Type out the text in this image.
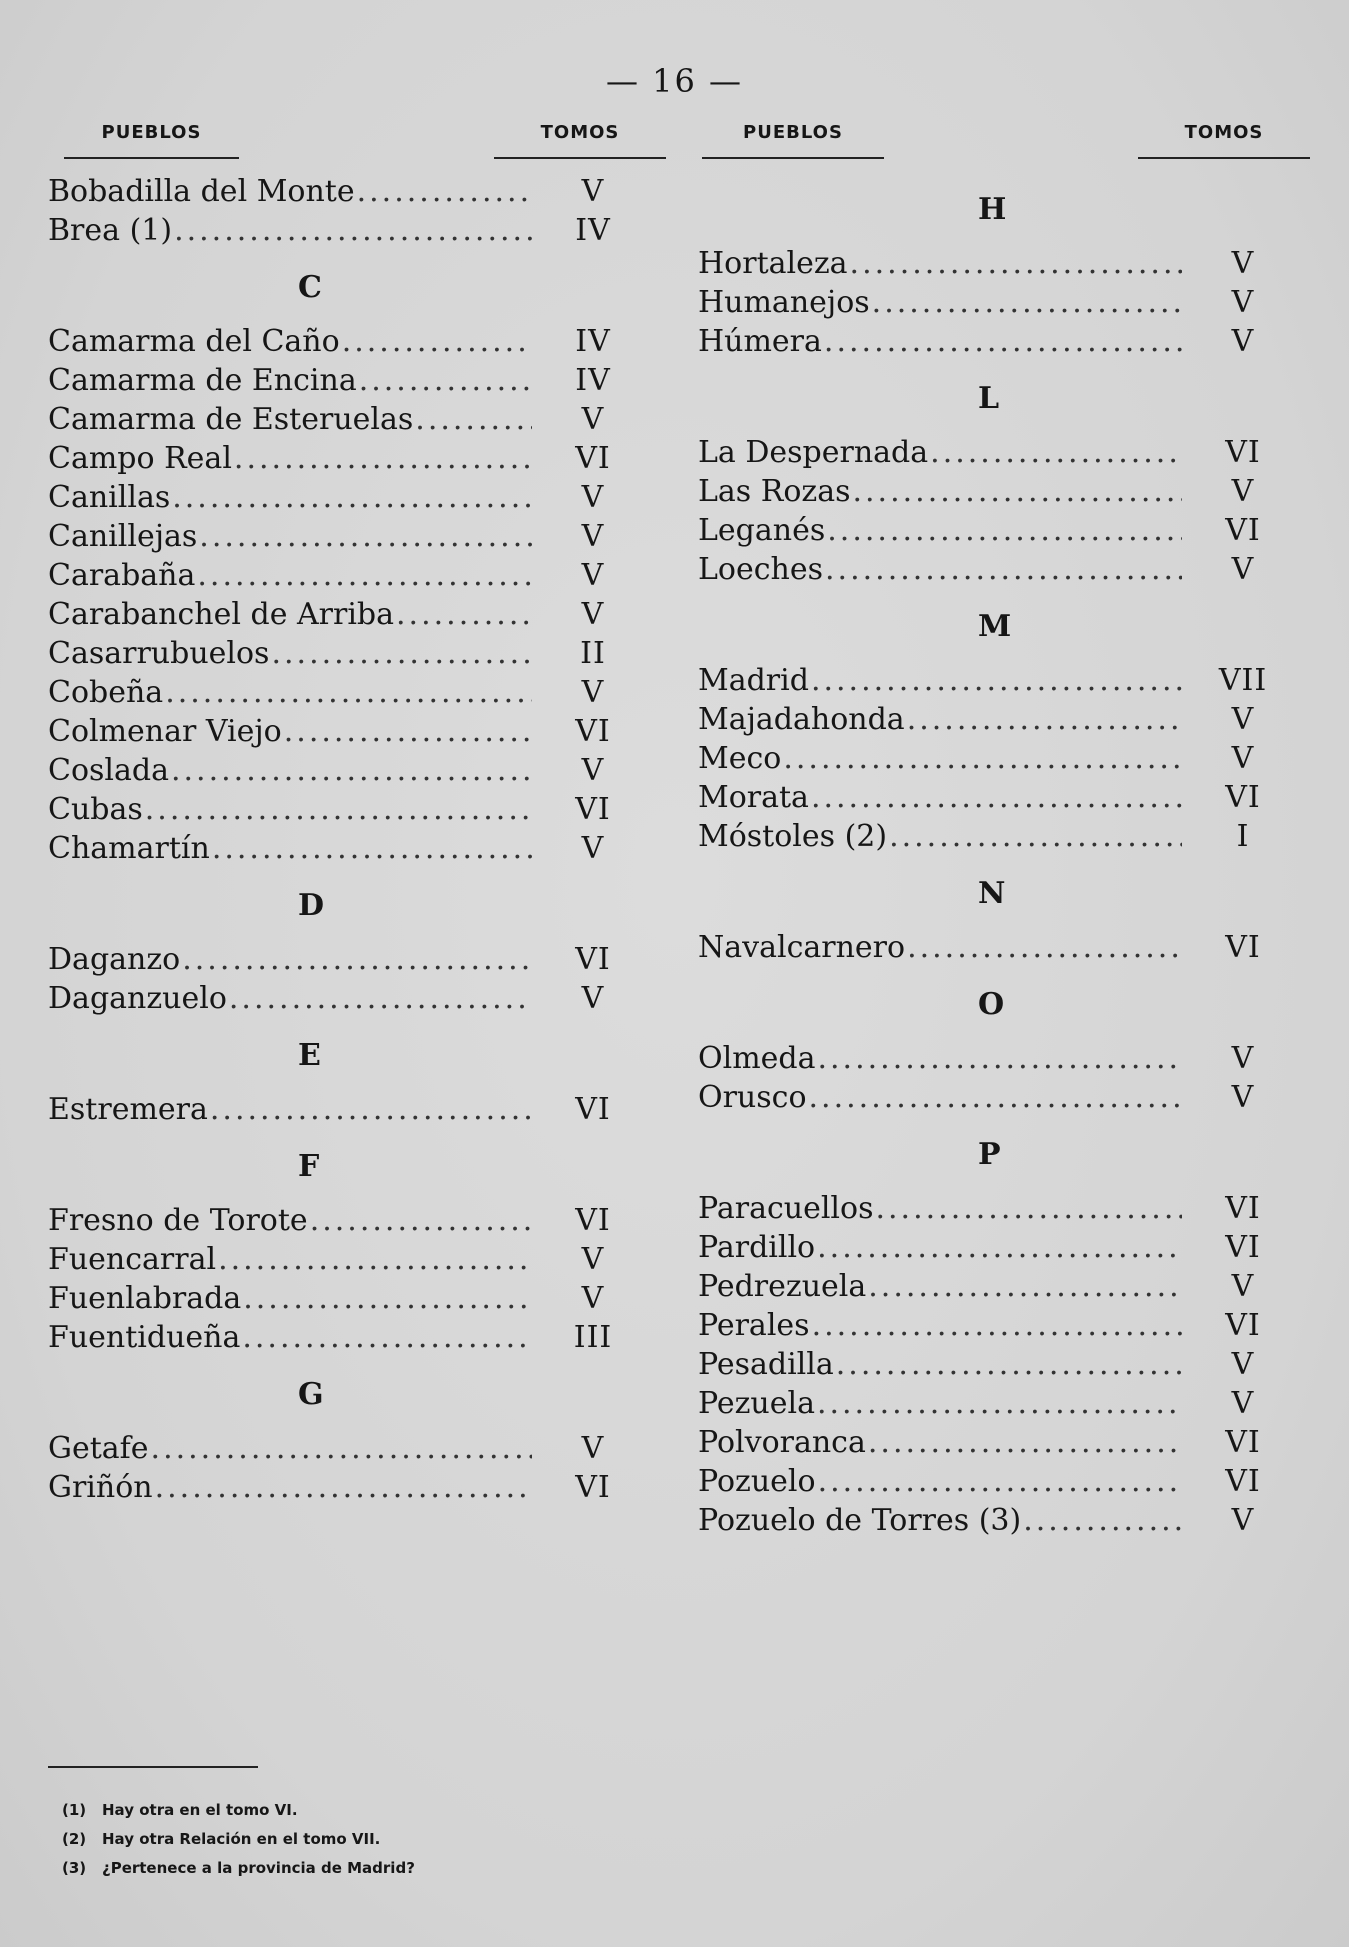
— 16 —
PUEBLOS	TOMOS
Bobadilla del Monte .....	V
Brea (1) .....	IV
C
Camarma del Caño .....	IV
Camarma de Encina .....	IV
Camarma de Esteruelas .....	V
Campo Real .....	VI
Canillas .....	V
Canillejas .....	V
Carabaña .....	V
Carabanchel de Arriba .....	V
Casarrubuelos .....	II
Cobeña .....	V
Colmenar Viejo .....	VI
Coslada .....	V
Cubas .....	VI
Chamartín .....	V
D
Daganzo .....	VI
Daganzuelo .....	V
E
Estremera .....	VI
F
Fresno de Torote .....	VI
Fuencarral .....	V
Fuenlabrada .....	V
Fuentidueña .....	III
G
Getafe .....	V
Griñón .....	VI
PUEBLOS	TOMOS
H
Hortaleza .....	V
Humanejos .....	V
Húmera .....	V
L
La Despernada .....	VI
Las Rozas .....	V
Leganés .....	VI
Loeches .....	V
M
Madrid .....	VII
Majadahonda .....	V
Meco .....	V
Morata .....	VI
Móstoles (2) .....	I
N
Navalcarnero .....	VI
O
Olmeda .....	V
Orusco .....	V
P
Paracuellos .....	VI
Pardillo .....	VI
Pedrezuela .....	V
Perales .....	VI
Pesadilla .....	V
Pezuela .....	V
Polvoranca .....	VI
Pozuelo .....	VI
Pozuelo de Torres (3) .....	V
(1) Hay otra en el tomo VI.
(2) Hay otra Relación en el tomo VII.
(3) ¿Pertenece a la provincia de Madrid?
